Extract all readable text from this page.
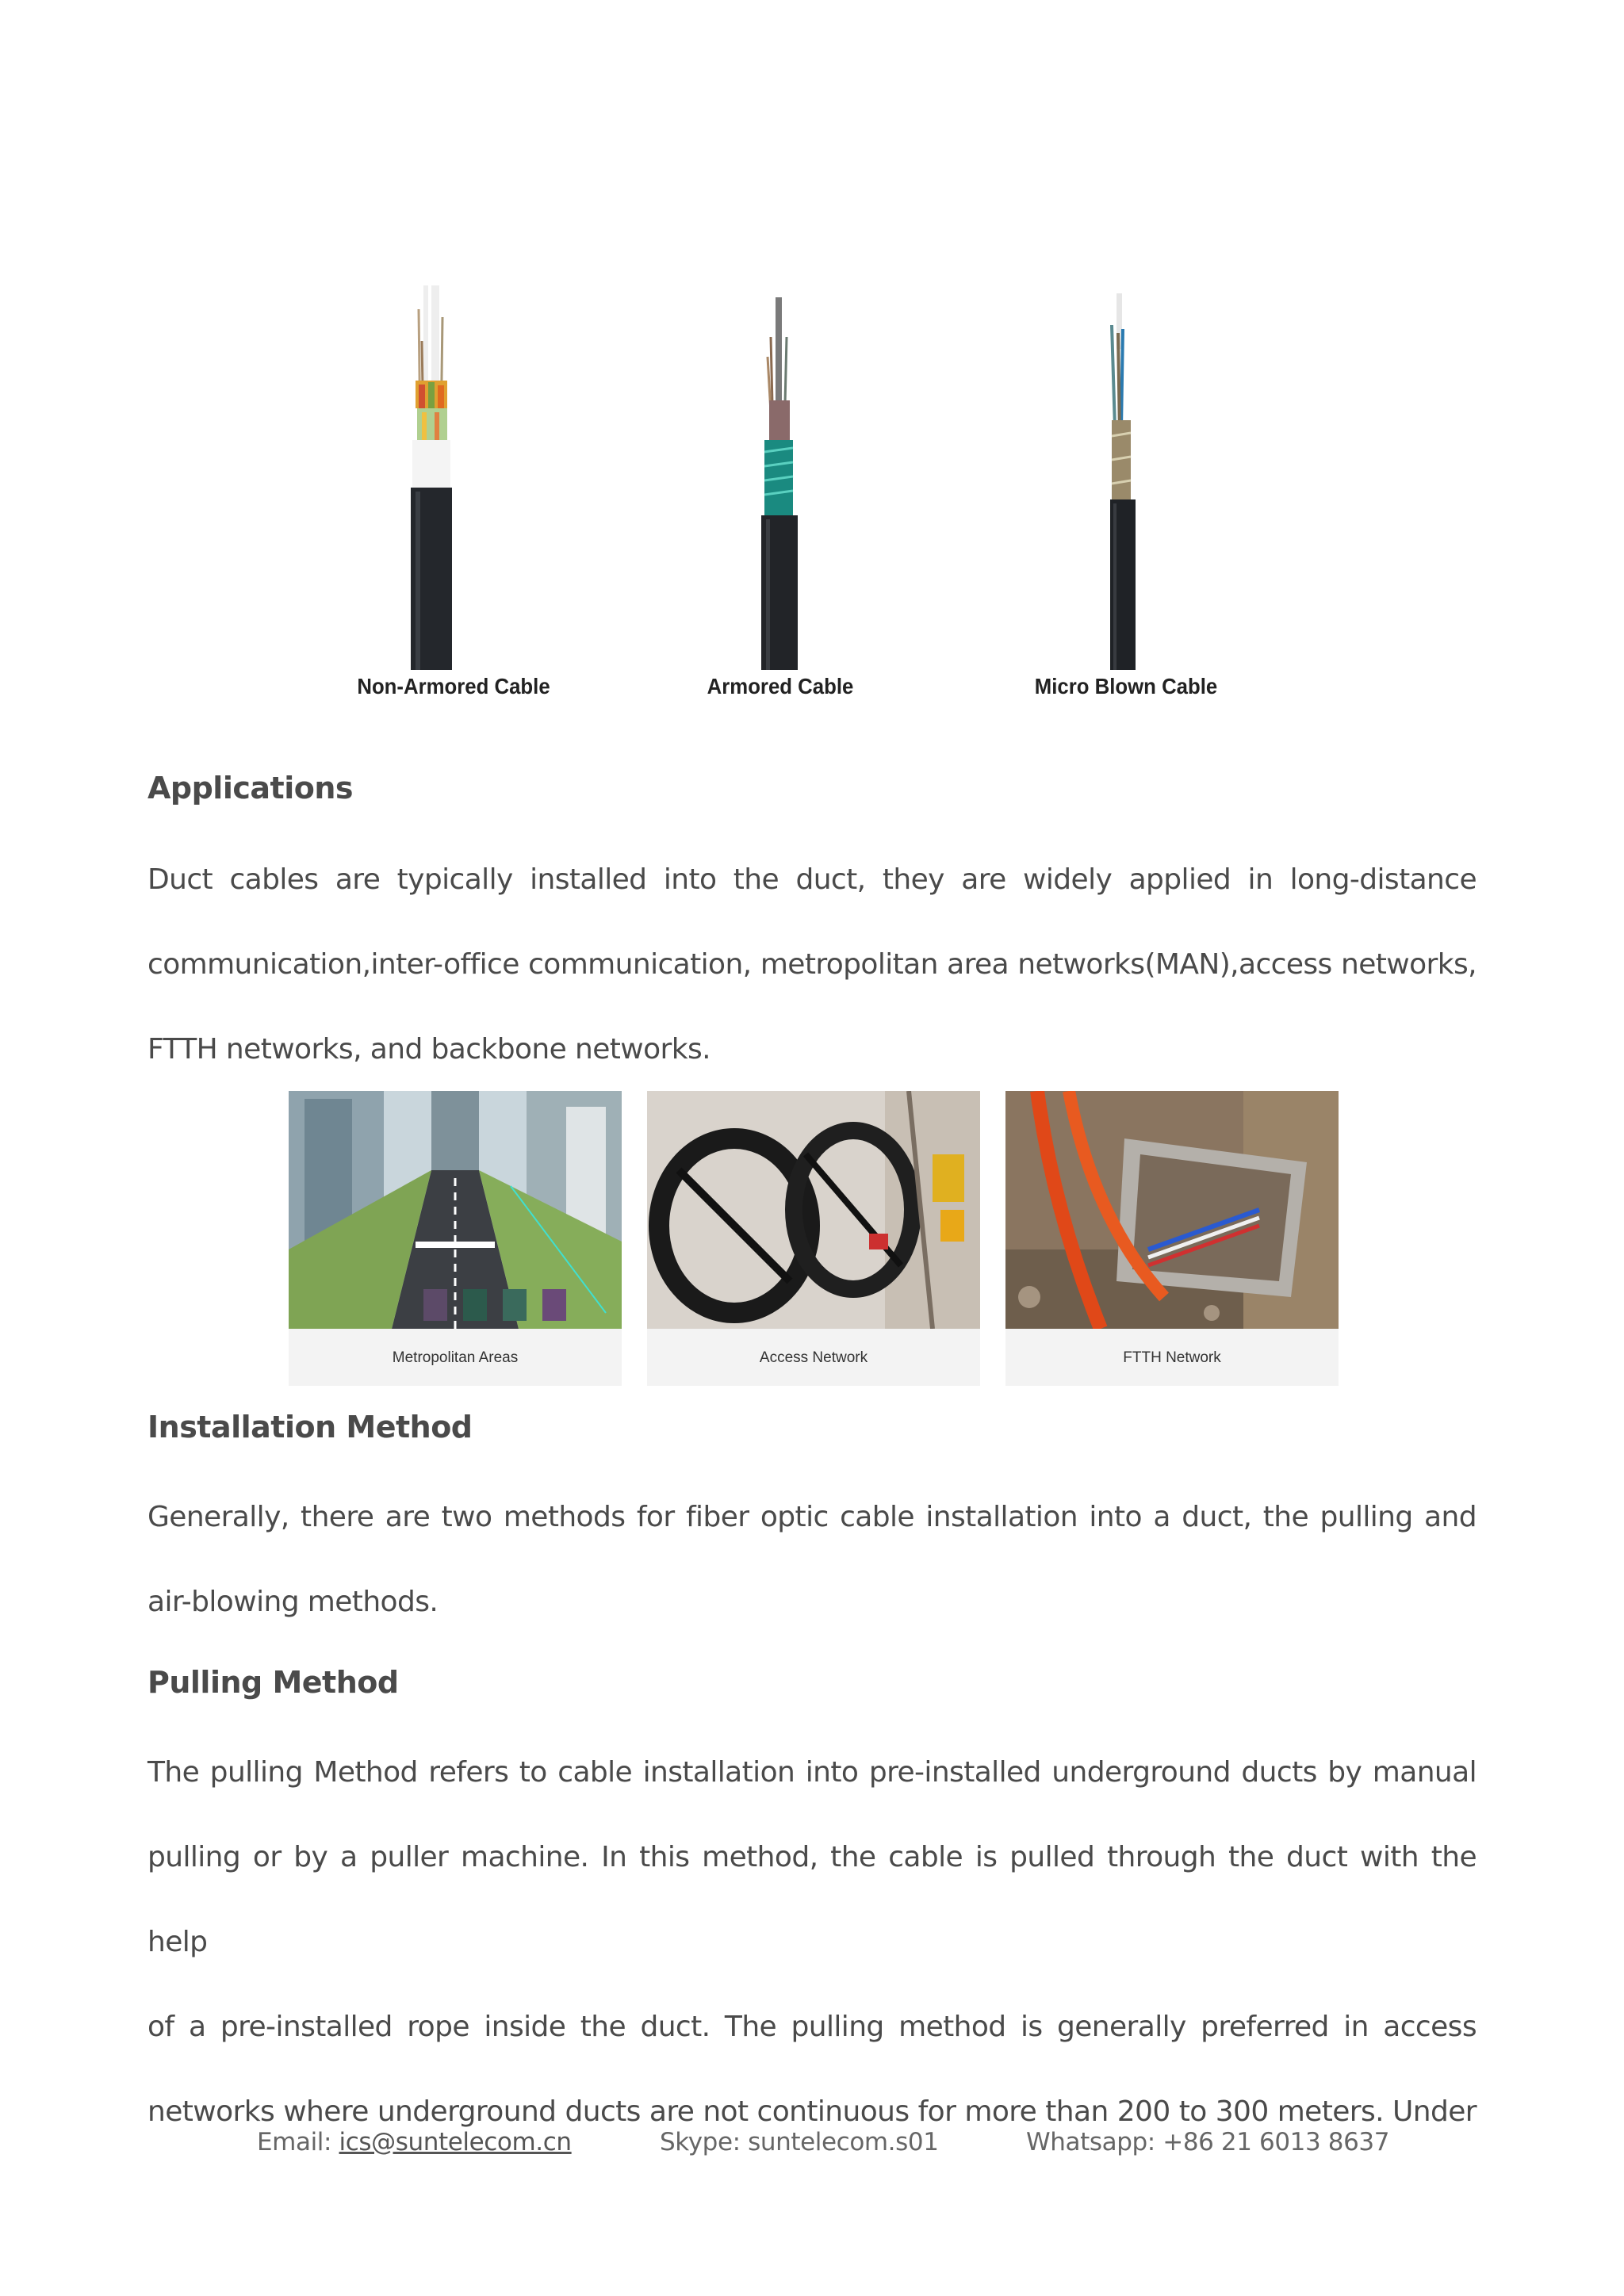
Non-Armored Cable	Armored Cable	Micro Blown Cable
Applications
Duct cables are typically installed into the duct, they are widely applied in long-distance
communication,inter-office communication, metropolitan area networks(MAN),access networks,
FTTH networks, and backbone networks.
Metropolitan Areas	Access Network	FTTH Network
Installation Method
Generally, there are two methods for fiber optic cable installation into a duct, the pulling and
air-blowing methods.
Pulling Method
The pulling Method refers to cable installation into pre-installed underground ducts by manual
pulling or by a puller machine. In this method, the cable is pulled through the duct with the help
of a pre-installed rope inside the duct. The pulling method is generally preferred in access
networks where underground ducts are not continuous for more than 200 to 300 meters. Under
Email: ics@suntelecom.cn	Skype: suntelecom.s01	Whatsapp: +86 21 6013 8637
